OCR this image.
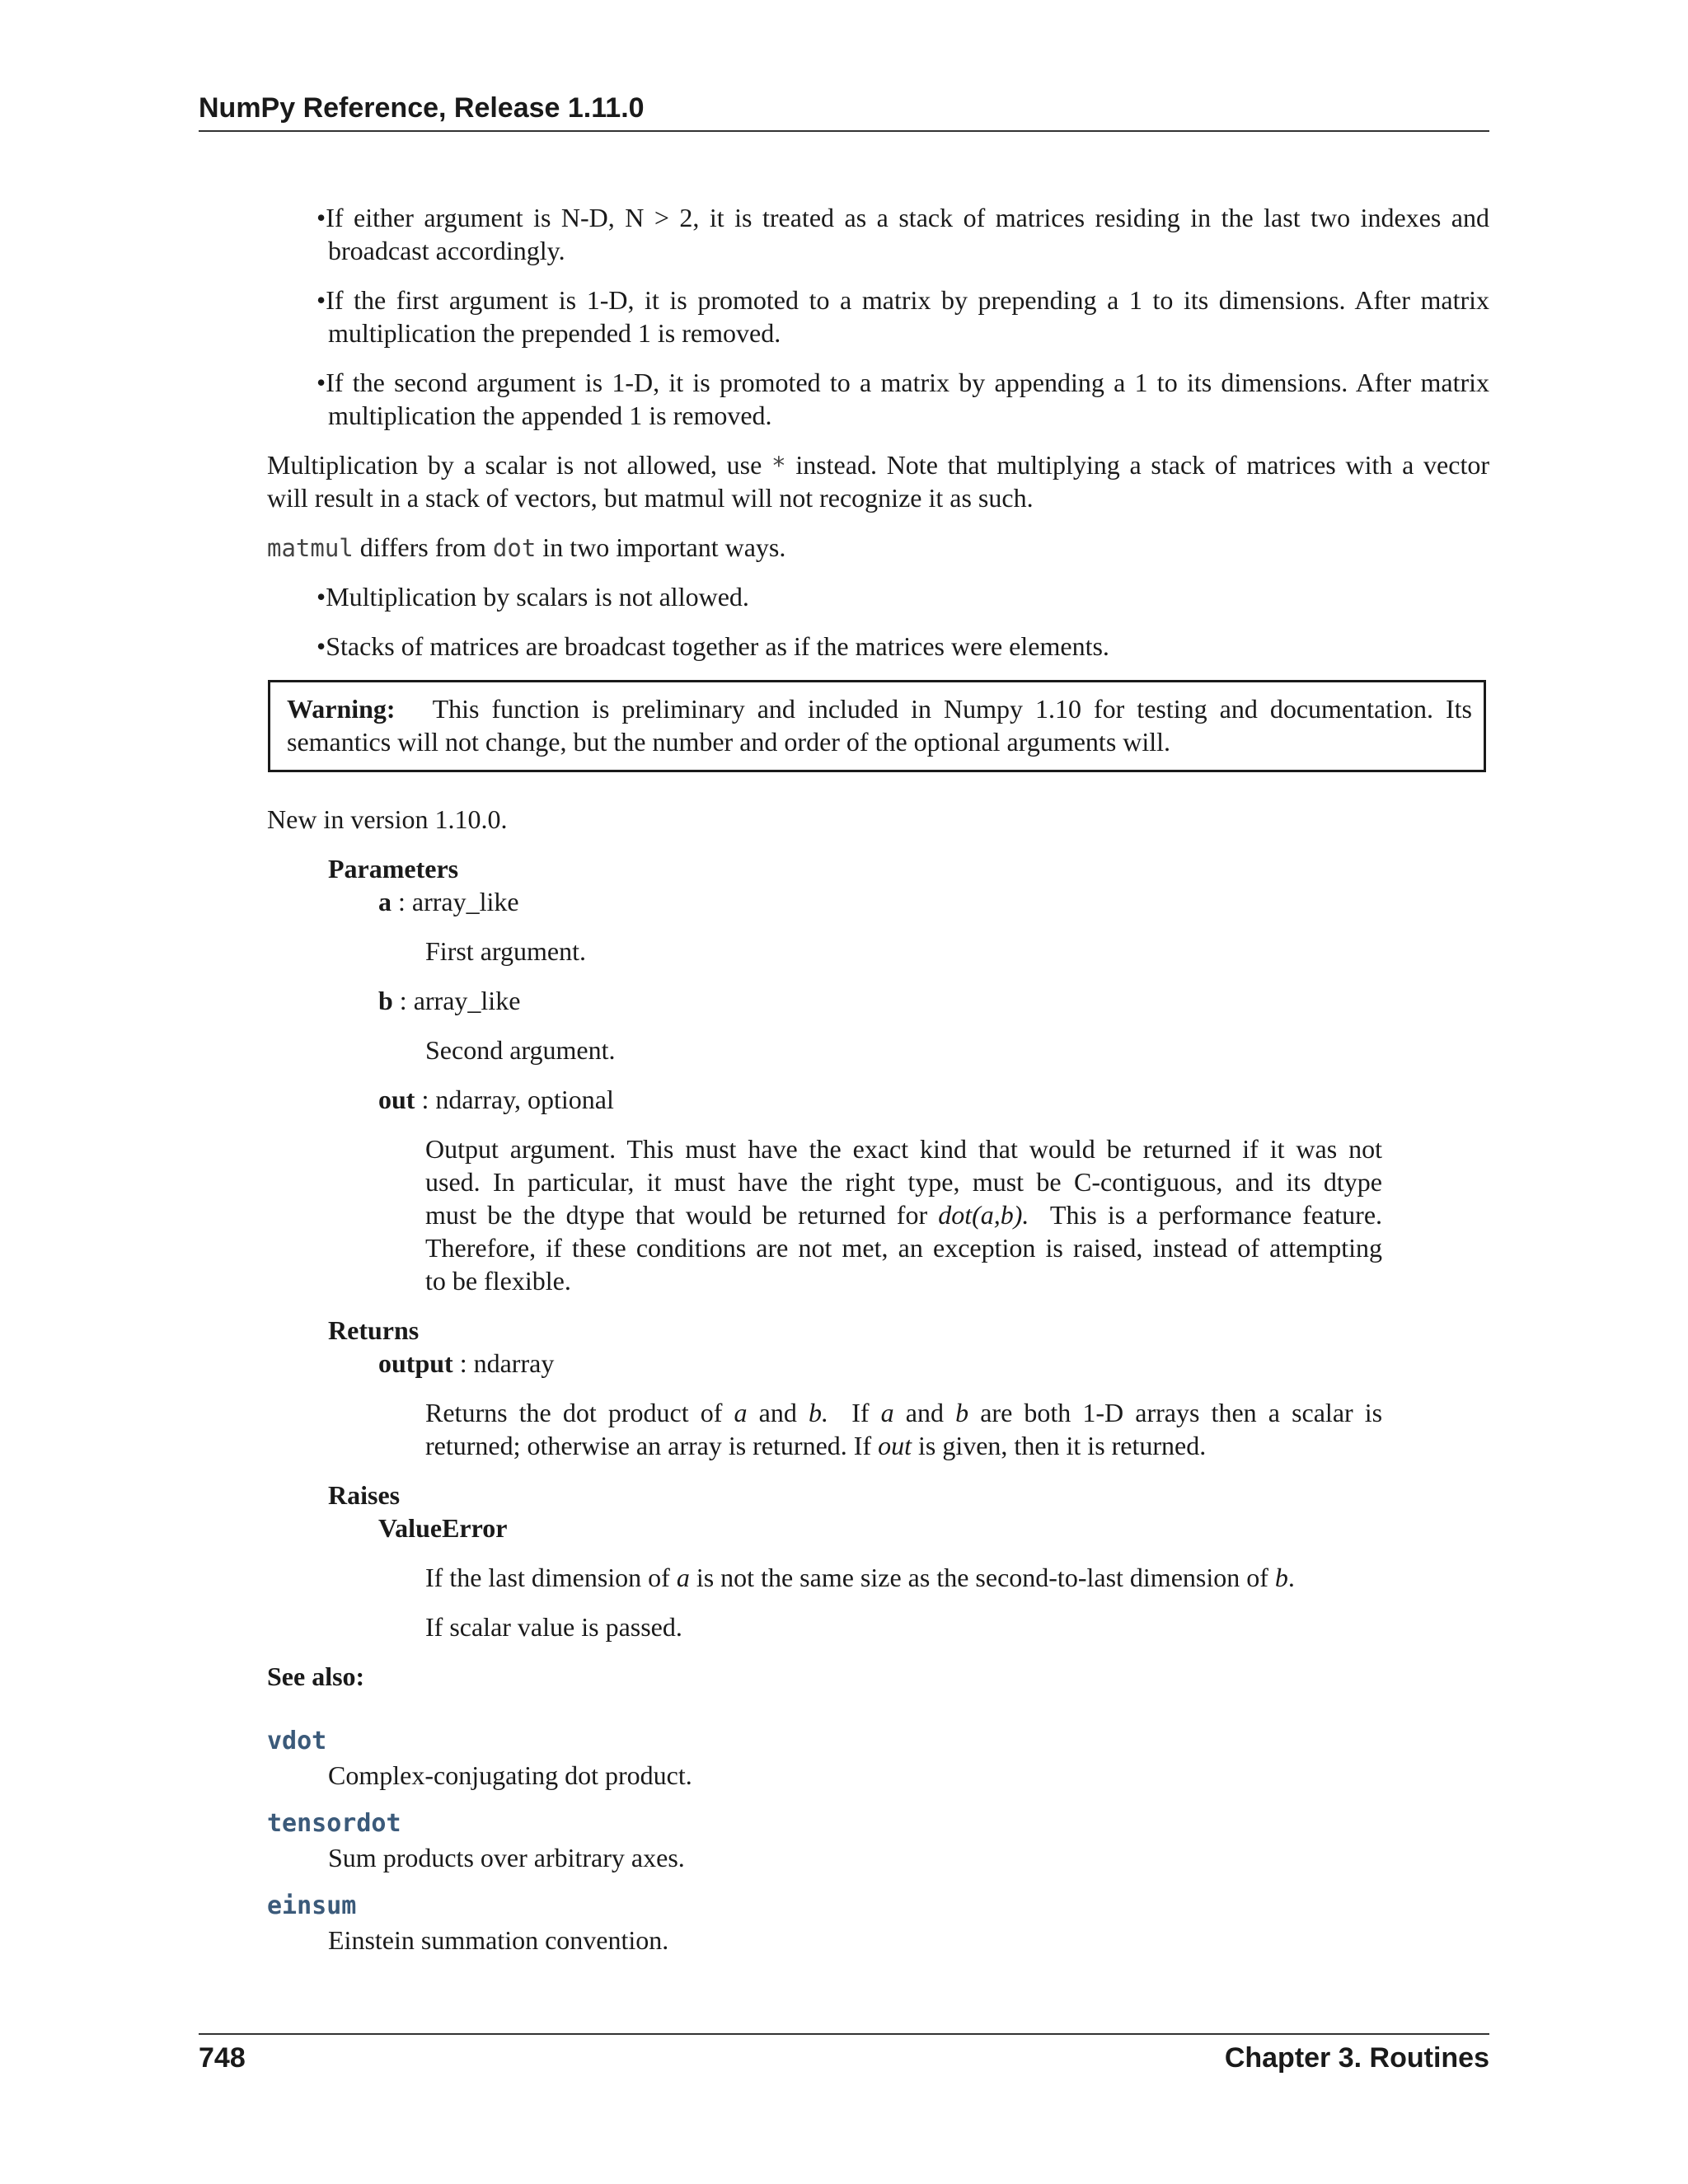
NumPy Reference, Release 1.11.0
•If either argument is N-D, N > 2, it is treated as a stack of matrices residing in the last two indexes and
broadcast accordingly.
•If the first argument is 1-D, it is promoted to a matrix by prepending a 1 to its dimensions. After matrix
multiplication the prepended 1 is removed.
•If the second argument is 1-D, it is promoted to a matrix by appending a 1 to its dimensions. After matrix
multiplication the appended 1 is removed.
Multiplication by a scalar is not allowed, use * instead. Note that multiplying a stack of matrices with a vector
will result in a stack of vectors, but matmul will not recognize it as such.
matmul differs from dot in two important ways.
•Multiplication by scalars is not allowed.
•Stacks of matrices are broadcast together as if the matrices were elements.
Warning: This function is preliminary and included in Numpy 1.10 for testing and documentation. Its
semantics will not change, but the number and order of the optional arguments will.
New in version 1.10.0.
Parameters
a : array_like
First argument.
b : array_like
Second argument.
out : ndarray, optional
Output argument. This must have the exact kind that would be returned if it was not
used. In particular, it must have the right type, must be C-contiguous, and its dtype
must be the dtype that would be returned for dot(a,b). This is a performance feature.
Therefore, if these conditions are not met, an exception is raised, instead of attempting
to be flexible.
Returns
output : ndarray
Returns the dot product of a and b. If a and b are both 1-D arrays then a scalar is
returned; otherwise an array is returned. If out is given, then it is returned.
Raises
ValueError
If the last dimension of a is not the same size as the second-to-last dimension of b.
If scalar value is passed.
See also:
vdot
Complex-conjugating dot product.
tensordot
Sum products over arbitrary axes.
einsum
Einstein summation convention.
748	Chapter 3. Routines
